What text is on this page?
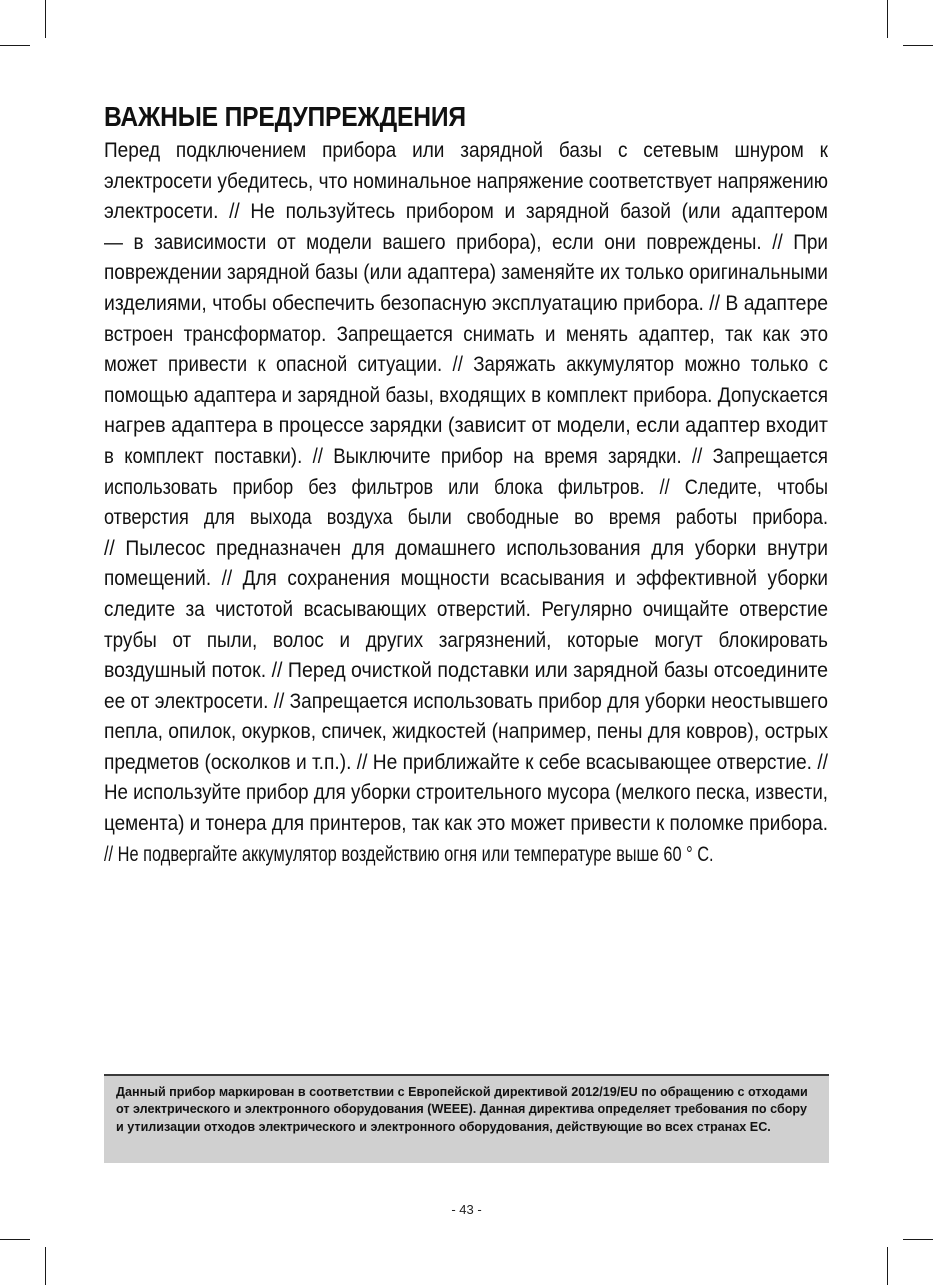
ВАЖНЫЕ ПРЕДУПРЕЖДЕНИЯ
Перед   подключением   прибора   или   зарядной   базы   с   сетевым   шнуром   к
электросети убедитесь, что номинальное напряжение соответствует напряжению
электросети.  //  Не  пользуйтесь  прибором  и  зарядной  базой  (или  адаптером
—  в  зависимости  от  модели  вашего  прибора),  если  они  повреждены.  //  При
повреждении зарядной базы (или адаптера) заменяйте их только оригинальными
изделиями, чтобы обеспечить безопасную эксплуатацию прибора. // В адаптере
встроен  трансформатор.  Запрещается  снимать  и  менять  адаптер,  так  как  это
может  привести  к  опасной  ситуации.  //  Заряжать  аккумулятор  можно  только  с
помощью адаптера и зарядной базы, входящих в комплект прибора. Допускается
нагрев адаптера в процессе зарядки (зависит от модели, если адаптер входит
в  комплект  поставки).  //  Выключите  прибор  на  время  зарядки.  //  Запрещается
использовать   прибор   без   фильтров   или   блока   фильтров.   //   Следите,   чтобы
отверстия   для   выхода   воздуха   были   свободные   во   время   работы   прибора.
//  Пылесос  предназначен  для  домашнего  использования  для  уборки  внутри
помещений.  //  Для  сохранения  мощности  всасывания  и  эффективной  уборки
следите  за  чистотой  всасывающих  отверстий.  Регулярно  очищайте  отверстие
трубы   от   пыли,   волос   и   других   загрязнений,   которые   могут   блокировать
воздушный поток. // Перед очисткой подставки или зарядной базы отсоедините
ее от электросети. // Запрещается использовать прибор для уборки неостывшего
пепла, опилок, окурков, спичек, жидкостей (например, пены для ковров), острых
предметов (осколков и т.п.). // Не приближайте к себе всасывающее отверстие. //
Не используйте прибор для уборки строительного мусора (мелкого песка, извести,
цемента) и тонера для принтеров, так как это может привести к поломке прибора.
// Не подвергайте аккумулятор воздействию огня или температуре выше 60 ° С.

Данный прибор маркирован в соответствии с Европейской директивой 2012/19/EU по обращению с отходами от электрического и электронного оборудования (WEEE). Данная директива определяет требования по сбору и утилизации отходов электрического и электронного оборудования, действующие во всех странах ЕС.

- 43 -
